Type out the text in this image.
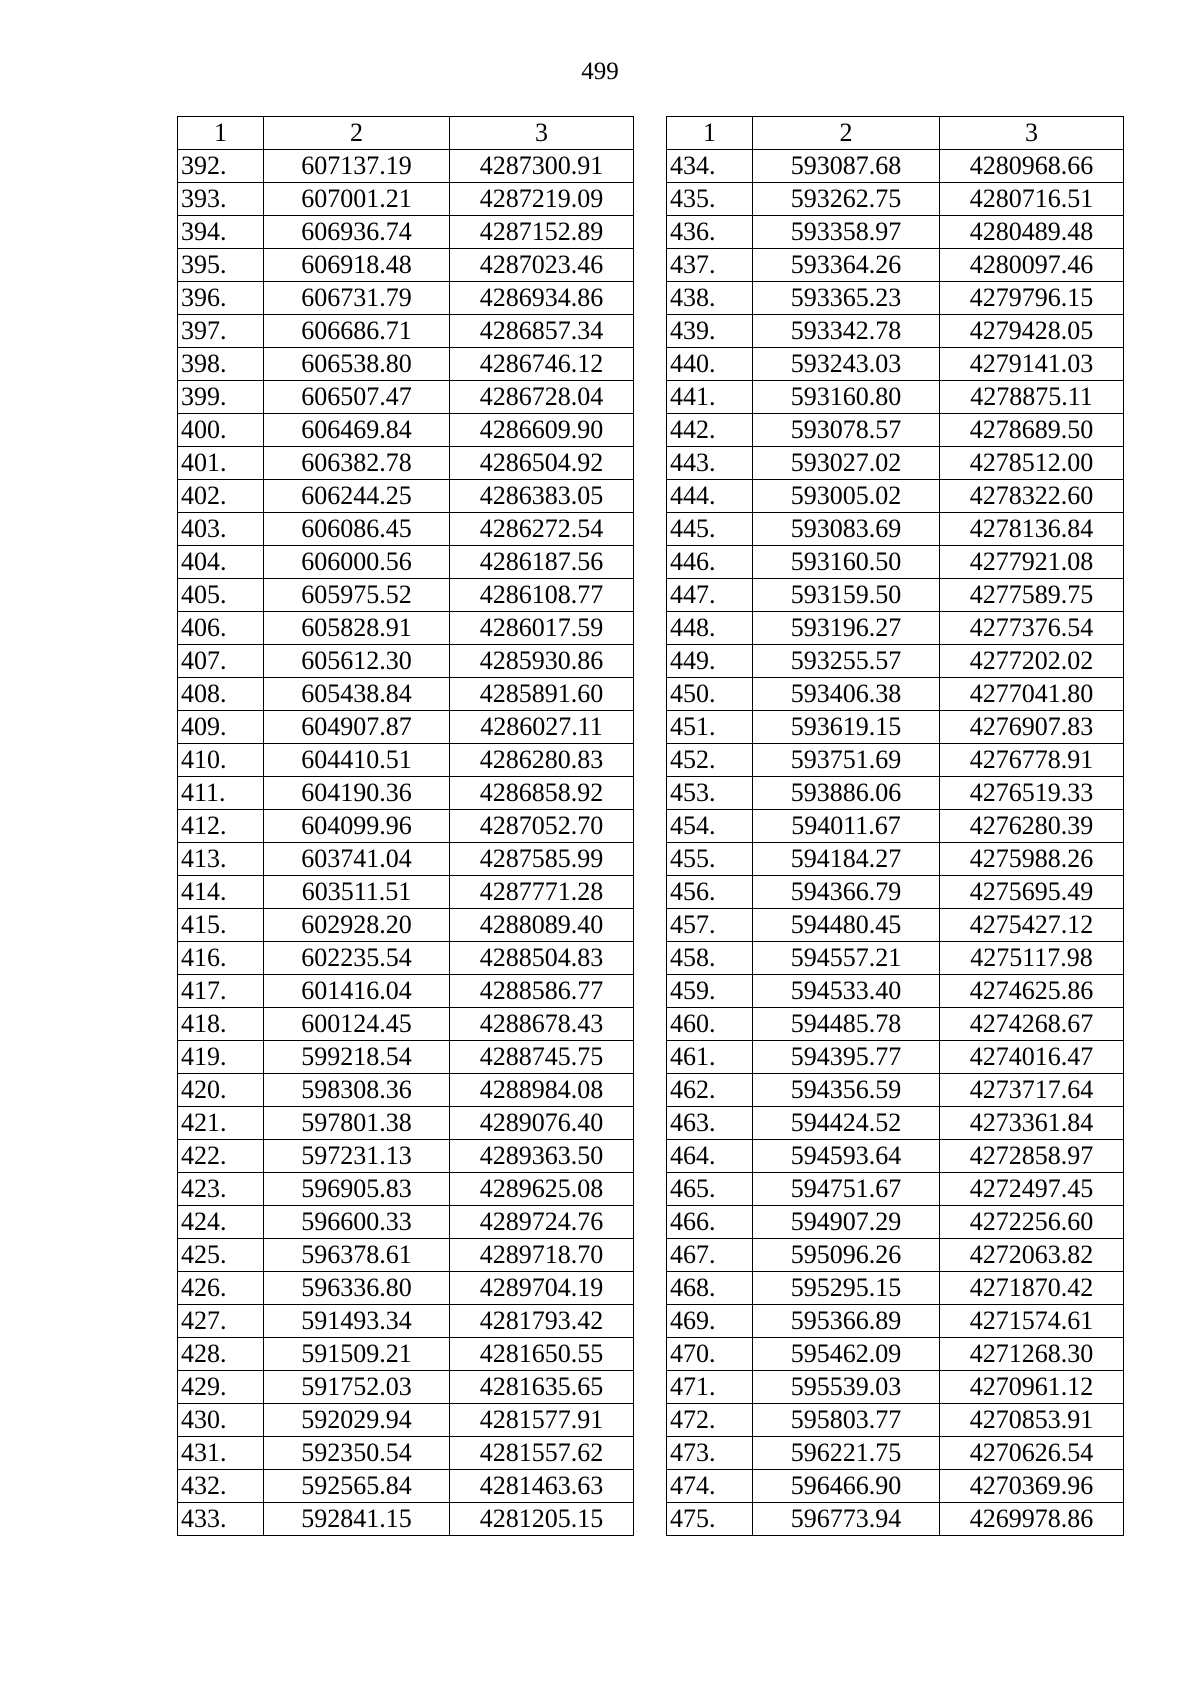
499
1	2	3
392.	607137.19	4287300.91
393.	607001.21	4287219.09
394.	606936.74	4287152.89
395.	606918.48	4287023.46
396.	606731.79	4286934.86
397.	606686.71	4286857.34
398.	606538.80	4286746.12
399.	606507.47	4286728.04
400.	606469.84	4286609.90
401.	606382.78	4286504.92
402.	606244.25	4286383.05
403.	606086.45	4286272.54
404.	606000.56	4286187.56
405.	605975.52	4286108.77
406.	605828.91	4286017.59
407.	605612.30	4285930.86
408.	605438.84	4285891.60
409.	604907.87	4286027.11
410.	604410.51	4286280.83
411.	604190.36	4286858.92
412.	604099.96	4287052.70
413.	603741.04	4287585.99
414.	603511.51	4287771.28
415.	602928.20	4288089.40
416.	602235.54	4288504.83
417.	601416.04	4288586.77
418.	600124.45	4288678.43
419.	599218.54	4288745.75
420.	598308.36	4288984.08
421.	597801.38	4289076.40
422.	597231.13	4289363.50
423.	596905.83	4289625.08
424.	596600.33	4289724.76
425.	596378.61	4289718.70
426.	596336.80	4289704.19
427.	591493.34	4281793.42
428.	591509.21	4281650.55
429.	591752.03	4281635.65
430.	592029.94	4281577.91
431.	592350.54	4281557.62
432.	592565.84	4281463.63
433.	592841.15	4281205.15
1	2	3
434.	593087.68	4280968.66
435.	593262.75	4280716.51
436.	593358.97	4280489.48
437.	593364.26	4280097.46
438.	593365.23	4279796.15
439.	593342.78	4279428.05
440.	593243.03	4279141.03
441.	593160.80	4278875.11
442.	593078.57	4278689.50
443.	593027.02	4278512.00
444.	593005.02	4278322.60
445.	593083.69	4278136.84
446.	593160.50	4277921.08
447.	593159.50	4277589.75
448.	593196.27	4277376.54
449.	593255.57	4277202.02
450.	593406.38	4277041.80
451.	593619.15	4276907.83
452.	593751.69	4276778.91
453.	593886.06	4276519.33
454.	594011.67	4276280.39
455.	594184.27	4275988.26
456.	594366.79	4275695.49
457.	594480.45	4275427.12
458.	594557.21	4275117.98
459.	594533.40	4274625.86
460.	594485.78	4274268.67
461.	594395.77	4274016.47
462.	594356.59	4273717.64
463.	594424.52	4273361.84
464.	594593.64	4272858.97
465.	594751.67	4272497.45
466.	594907.29	4272256.60
467.	595096.26	4272063.82
468.	595295.15	4271870.42
469.	595366.89	4271574.61
470.	595462.09	4271268.30
471.	595539.03	4270961.12
472.	595803.77	4270853.91
473.	596221.75	4270626.54
474.	596466.90	4270369.96
475.	596773.94	4269978.86
